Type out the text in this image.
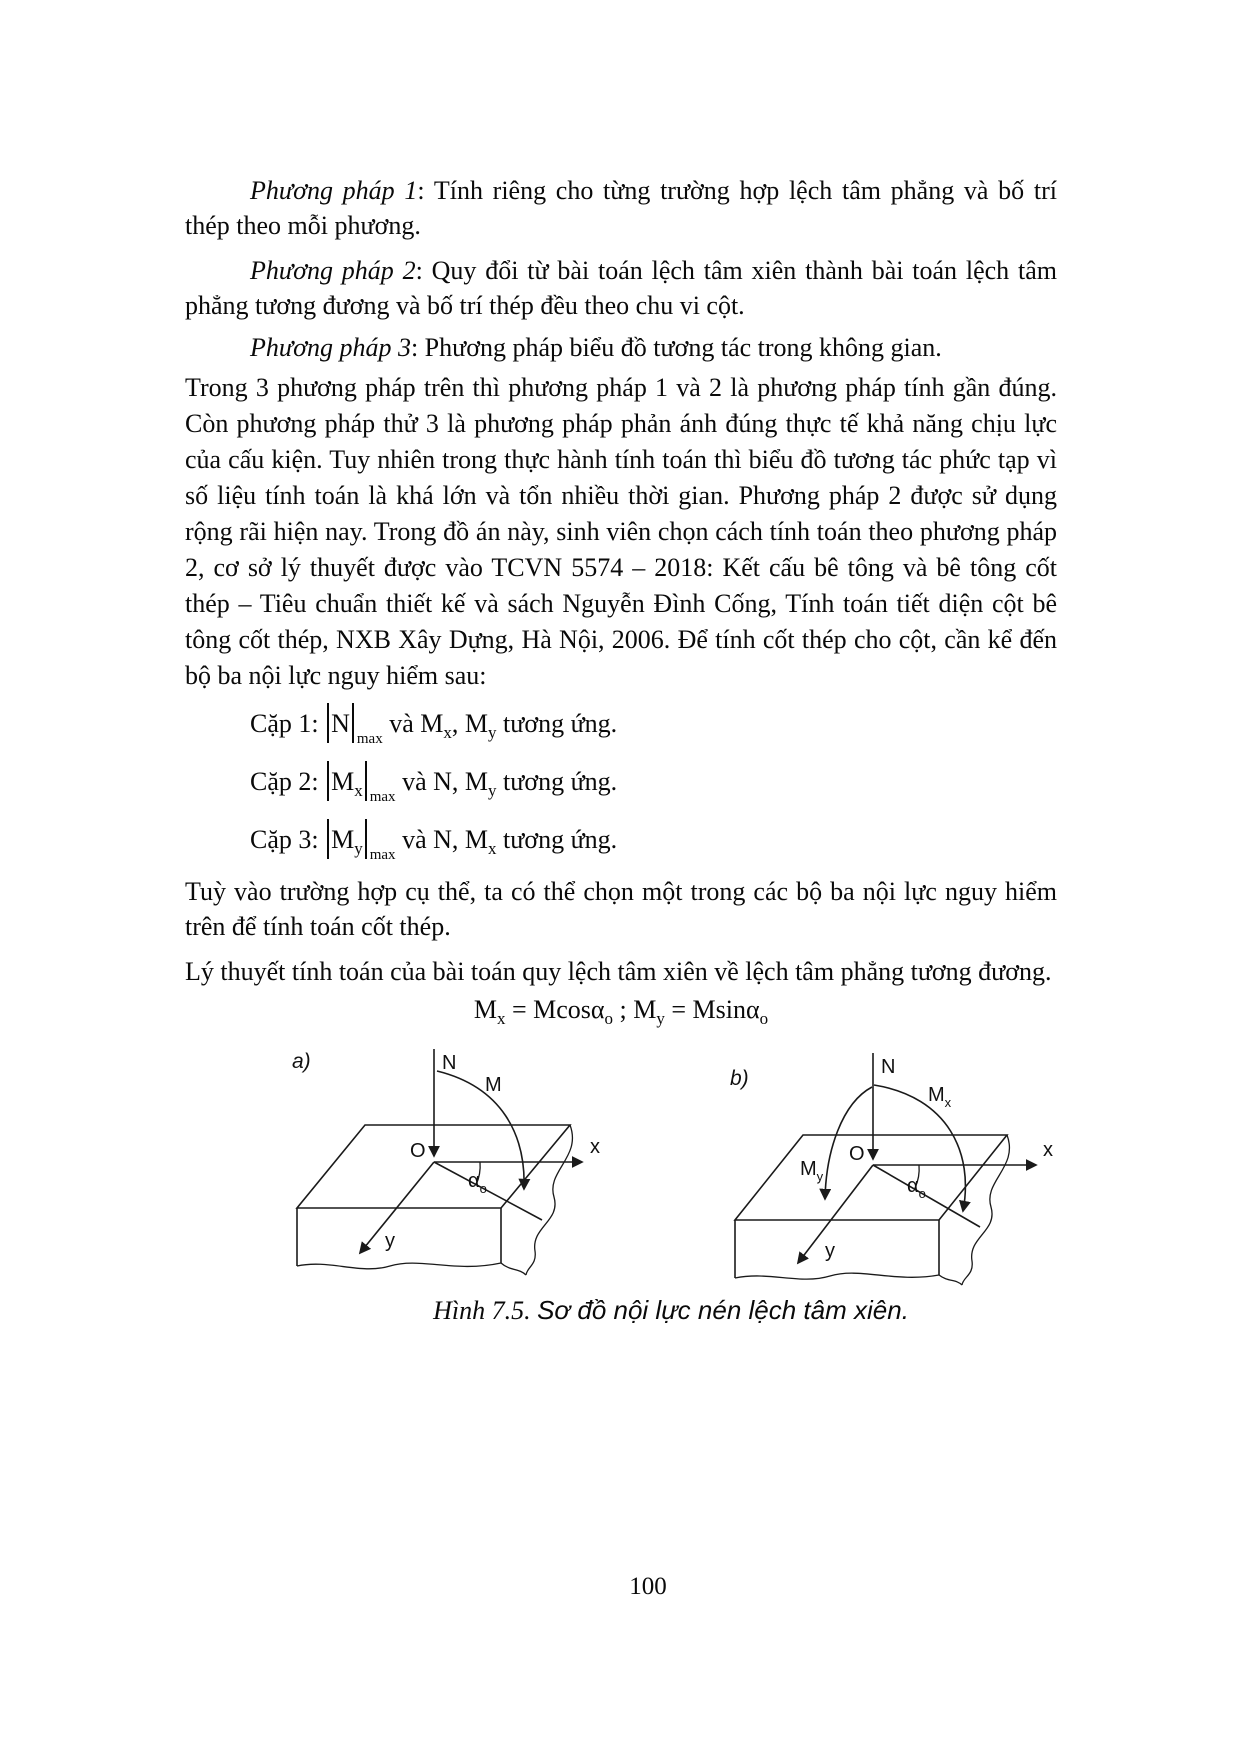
Phương pháp 1: Tính riêng cho từng trường hợp lệch tâm phẳng và bố trí thép theo mỗi phương.

Phương pháp 2: Quy đổi từ bài toán lệch tâm xiên thành bài toán lệch tâm phẳng tương đương và bố trí thép đều theo chu vi cột.

Phương pháp 3: Phương pháp biểu đồ tương tác trong không gian.

Trong 3 phương pháp trên thì phương pháp 1 và 2 là phương pháp tính gần đúng. Còn phương pháp thử 3 là phương pháp phản ánh đúng thực tế khả năng chịu lực của cấu kiện. Tuy nhiên trong thực hành tính toán thì biểu đồ tương tác phức tạp vì số liệu tính toán là khá lớn và tổn nhiều thời gian. Phương pháp 2 được sử dụng rộng rãi hiện nay. Trong đồ án này, sinh viên chọn cách tính toán theo phương pháp 2, cơ sở lý thuyết được vào TCVN 5574 – 2018: Kết cấu bê tông và bê tông cốt thép – Tiêu chuẩn thiết kế và sách Nguyễn Đình Cống, Tính toán tiết diện cột bê tông cốt thép, NXB Xây Dựng, Hà Nội, 2006. Để tính cốt thép cho cột, cần kể đến bộ ba nội lực nguy hiểm sau:

Cặp 1: $N_{max}$ và $M_x$, $M_y$ tương ứng.
Cặp 2: $M_x$ $_{max}$ và N, $M_y$ tương ứng.
Cặp 3: $M_y$ $_{max}$ và N, $M_x$ tương ứng.

Tuỳ vào trường hợp cụ thể, ta có thể chọn một trong các bộ ba nội lực nguy hiểm trên để tính toán cốt thép.

Lý thuyết tính toán của bài toán quy lệch tâm xiên về lệch tâm phẳng tương đương.

$M_x = Mcos\alpha_o$ ; $M_y = Msin\alpha_o$
a)	N
M
O	x
$\alpha_o$
y
b)	N
$M_x$
$M_y$
O	x
$\alpha_o$
y
Hình 7.5. Sơ đồ nội lực nén lệch tâm xiên.
100
